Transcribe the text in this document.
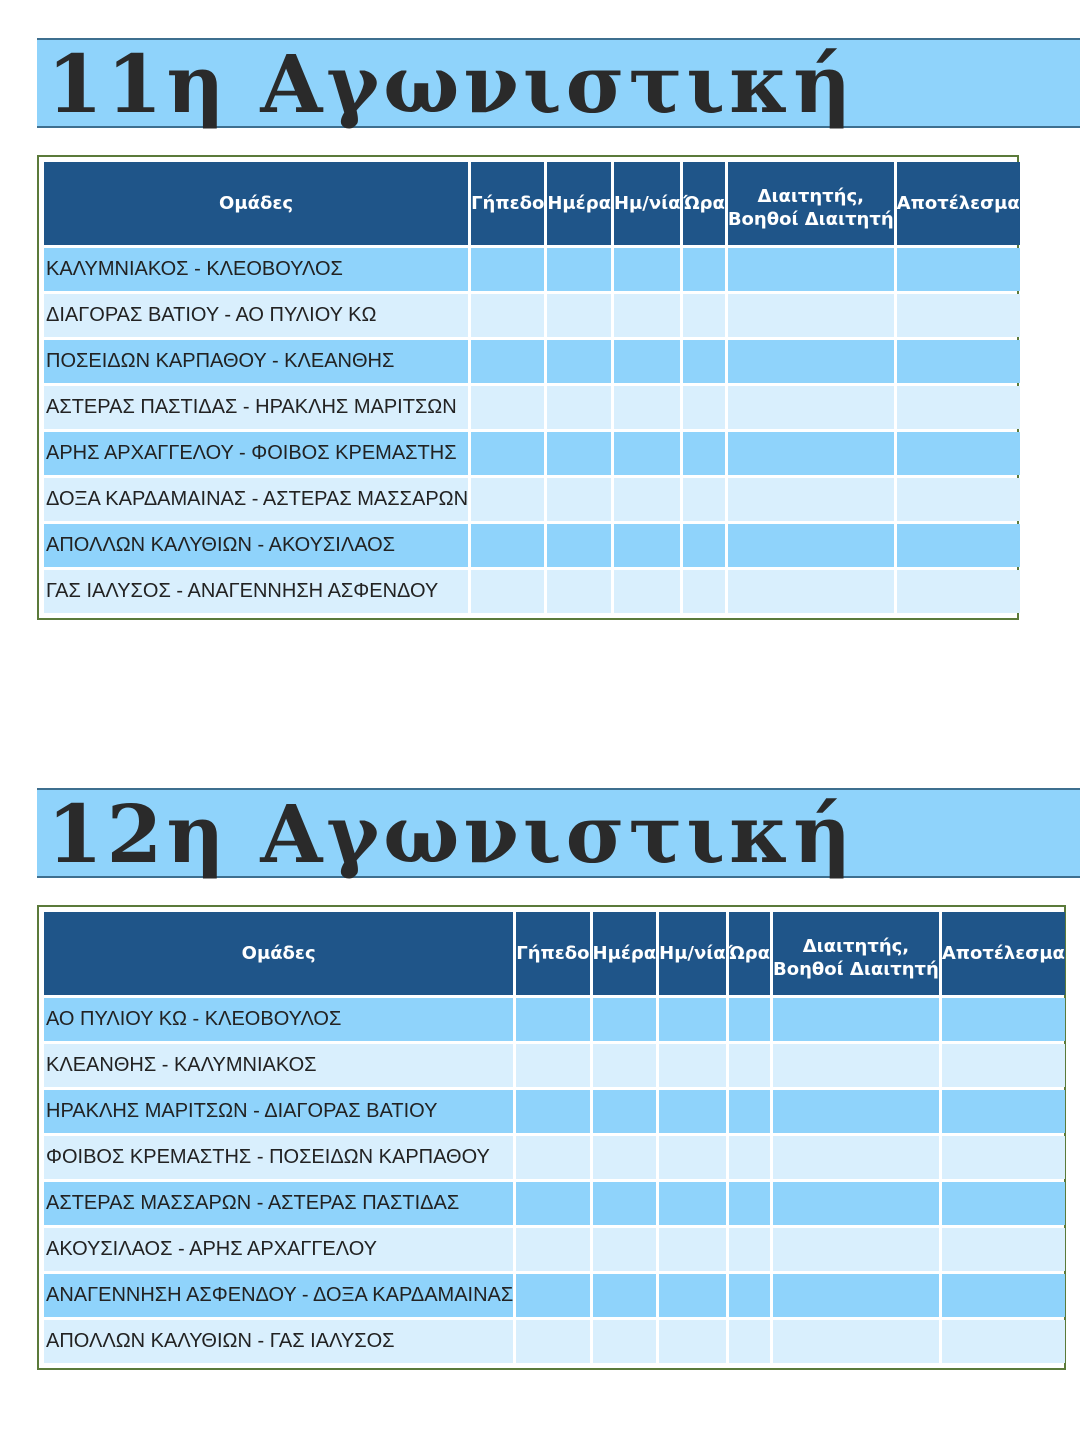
11η Αγωνιστική
Ομάδες	Γήπεδο	Ημέρα	Ημ/νία	Ώρα	Διαιτητής,
Βοηθοί Διαιτητή	Αποτέλεσμα
ΚΑΛΥΜΝΙΑΚΟΣ - ΚΛΕΟΒΟΥΛΟΣ						
ΔΙΑΓΟΡΑΣ ΒΑΤΙΟΥ - ΑΟ ΠΥΛΙΟΥ ΚΩ						
ΠΟΣΕΙΔΩΝ ΚΑΡΠΑΘΟΥ - ΚΛΕΑΝΘΗΣ						
ΑΣΤΕΡΑΣ ΠΑΣΤΙΔΑΣ - ΗΡΑΚΛΗΣ ΜΑΡΙΤΣΩΝ						
ΑΡΗΣ ΑΡΧΑΓΓΕΛΟΥ - ΦΟΙΒΟΣ ΚΡΕΜΑΣΤΗΣ						
ΔΟΞΑ ΚΑΡΔΑΜΑΙΝΑΣ - ΑΣΤΕΡΑΣ ΜΑΣΣΑΡΩΝ						
ΑΠΟΛΛΩΝ ΚΑΛΥΘΙΩΝ - ΑΚΟΥΣΙΛΑΟΣ						
ΓΑΣ ΙΑΛΥΣΟΣ - ΑΝΑΓΕΝΝΗΣΗ ΑΣΦΕΝΔΟΥ						
12η Αγωνιστική
Ομάδες	Γήπεδο	Ημέρα	Ημ/νία	Ώρα	Διαιτητής,
Βοηθοί Διαιτητή	Αποτέλεσμα
ΑΟ ΠΥΛΙΟΥ ΚΩ - ΚΛΕΟΒΟΥΛΟΣ						
ΚΛΕΑΝΘΗΣ - ΚΑΛΥΜΝΙΑΚΟΣ						
ΗΡΑΚΛΗΣ ΜΑΡΙΤΣΩΝ - ΔΙΑΓΟΡΑΣ ΒΑΤΙΟΥ						
ΦΟΙΒΟΣ ΚΡΕΜΑΣΤΗΣ - ΠΟΣΕΙΔΩΝ ΚΑΡΠΑΘΟΥ						
ΑΣΤΕΡΑΣ ΜΑΣΣΑΡΩΝ - ΑΣΤΕΡΑΣ ΠΑΣΤΙΔΑΣ						
ΑΚΟΥΣΙΛΑΟΣ - ΑΡΗΣ ΑΡΧΑΓΓΕΛΟΥ						
ΑΝΑΓΕΝΝΗΣΗ ΑΣΦΕΝΔΟΥ - ΔΟΞΑ ΚΑΡΔΑΜΑΙΝΑΣ						
ΑΠΟΛΛΩΝ ΚΑΛΥΘΙΩΝ - ΓΑΣ ΙΑΛΥΣΟΣ						
